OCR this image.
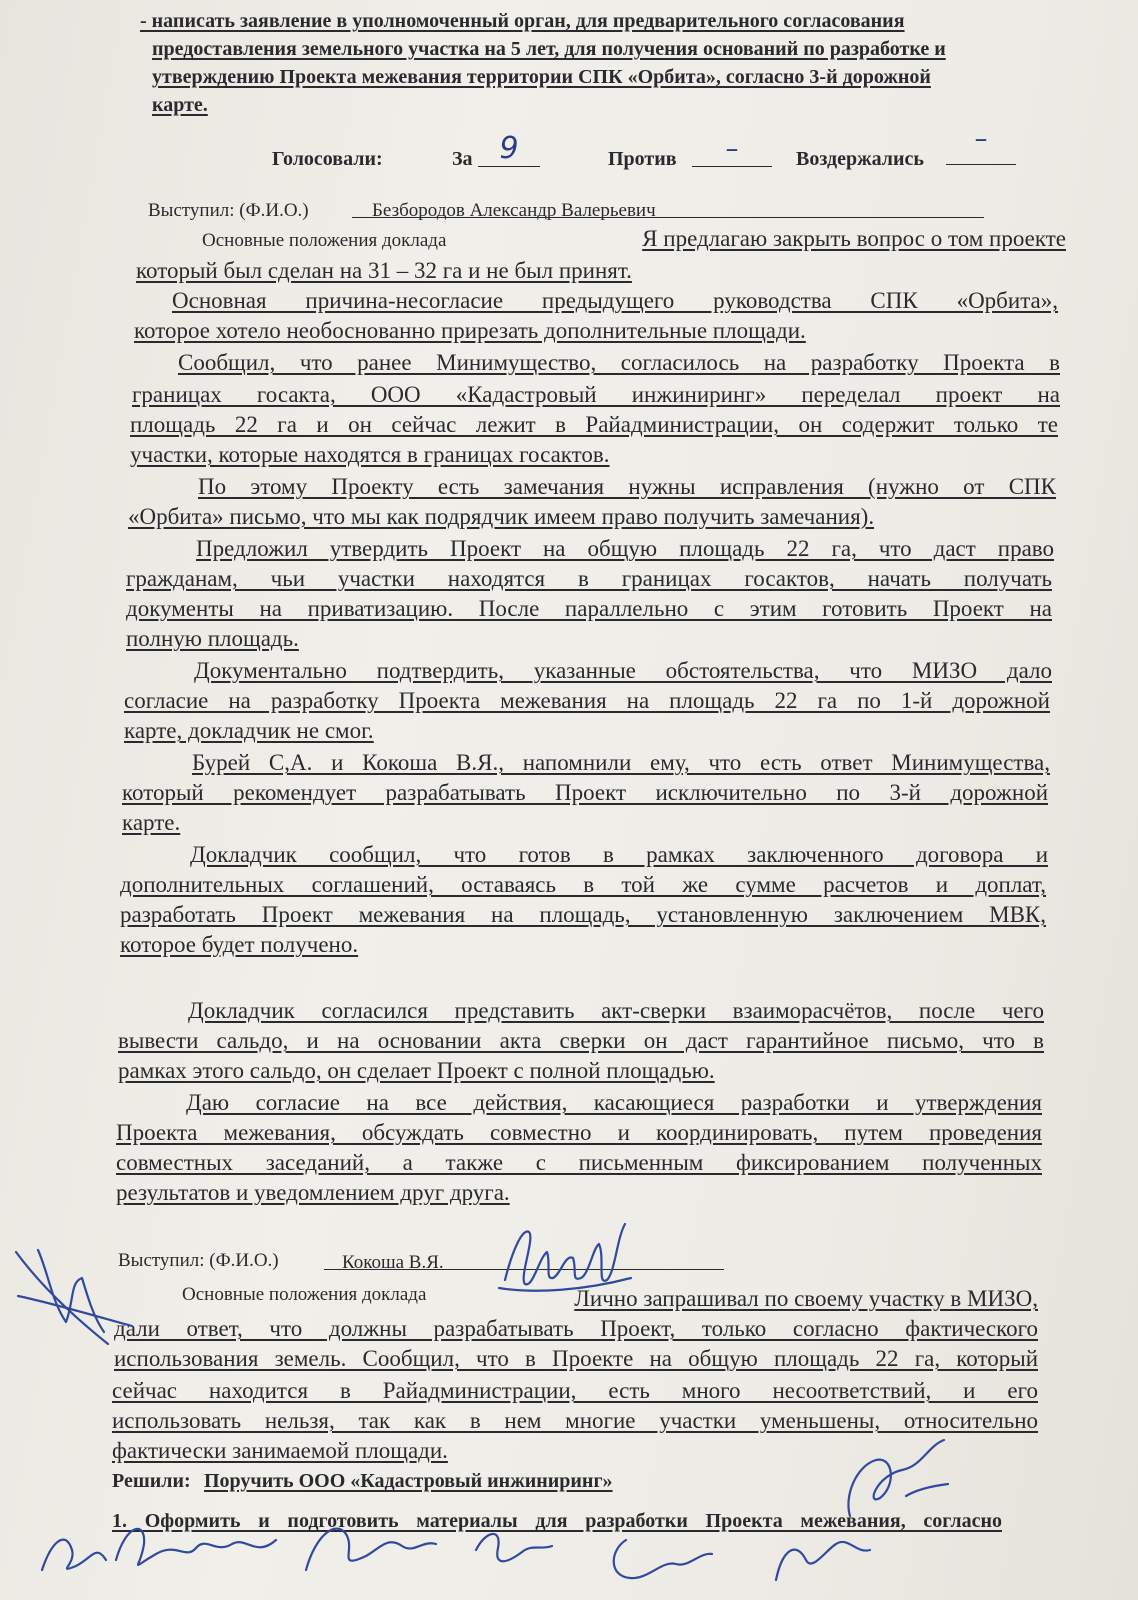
- написать заявление в уполномоченный орган, для предварительного согласования
предоставления земельного участка на 5 лет, для получения оснований по разработке и
утверждению Проекта межевания территории СПК «Орбита», согласно 3-й дорожной
карте.
Голосовали:	За 9	Против	–	Воздержались
–
Выступил: (Ф.И.О.)	Безбородов Александр Валерьевич
Основные положения доклада	Я предлагаю закрыть вопрос о том проекте
который был сделан на 31 – 32 га и не был принят.
Основная причина-несогласие предыдущего руководства СПК «Орбита»,
которое хотело необоснованно прирезать дополнительные площади.
Сообщил, что ранее Минимущество, согласилось на разработку Проекта в
границах госакта, ООО «Кадастровый инжиниринг» переделал проект на
площадь 22 га и он сейчас лежит в Райадминистрации, он содержит только те
участки, которые находятся в границах госактов.
По этому Проекту есть замечания нужны исправления (нужно от СПК
«Орбита» письмо, что мы как подрядчик имеем право получить замечания).
Предложил утвердить Проект на общую площадь 22 га, что даст право
гражданам, чьи участки находятся в границах госактов, начать получать
документы на приватизацию. После параллельно с этим готовить Проект на
полную площадь.
Документально подтвердить, указанные обстоятельства, что МИЗО дало
согласие на разработку Проекта межевания на площадь 22 га по 1-й дорожной
карте, докладчик не смог.
Бурей С,А. и Кокоша В.Я., напомнили ему, что есть ответ Минимущества,
который рекомендует разрабатывать Проект исключительно по 3-й дорожной
карте.
Докладчик сообщил, что готов в рамках заключенного договора и
дополнительных соглашений, оставаясь в той же сумме расчетов и доплат,
разработать Проект межевания на площадь, установленную заключением МВК,
которое будет получено.
Докладчик согласился представить акт-сверки взаиморасчётов, после чего
вывести сальдо, и на основании акта сверки он даст гарантийное письмо, что в
рамках этого сальдо, он сделает Проект с полной площадью.
Даю согласие на все действия, касающиеся разработки и утверждения
Проекта межевания, обсуждать совместно и координировать, путем проведения
совместных заседаний, а также с письменным фиксированием полученных
результатов и уведомлением друг друга.
Выступил: (Ф.И.О.)	Кокоша В.Я.
Основные положения доклада	Лично запрашивал по своему участку в МИЗО,
дали ответ, что должны разрабатывать Проект, только согласно фактического
использования земель. Сообщил, что в Проекте на общую площадь 22 га, который
сейчас находится в Райадминистрации, есть много несоответствий, и его
использовать нельзя, так как в нем многие участки уменьшены, относительно
фактически занимаемой площади.
Решили: Поручить ООО «Кадастровый инжиниринг»
1. Оформить и подготовить материалы для разработки Проекта межевания, согласно
